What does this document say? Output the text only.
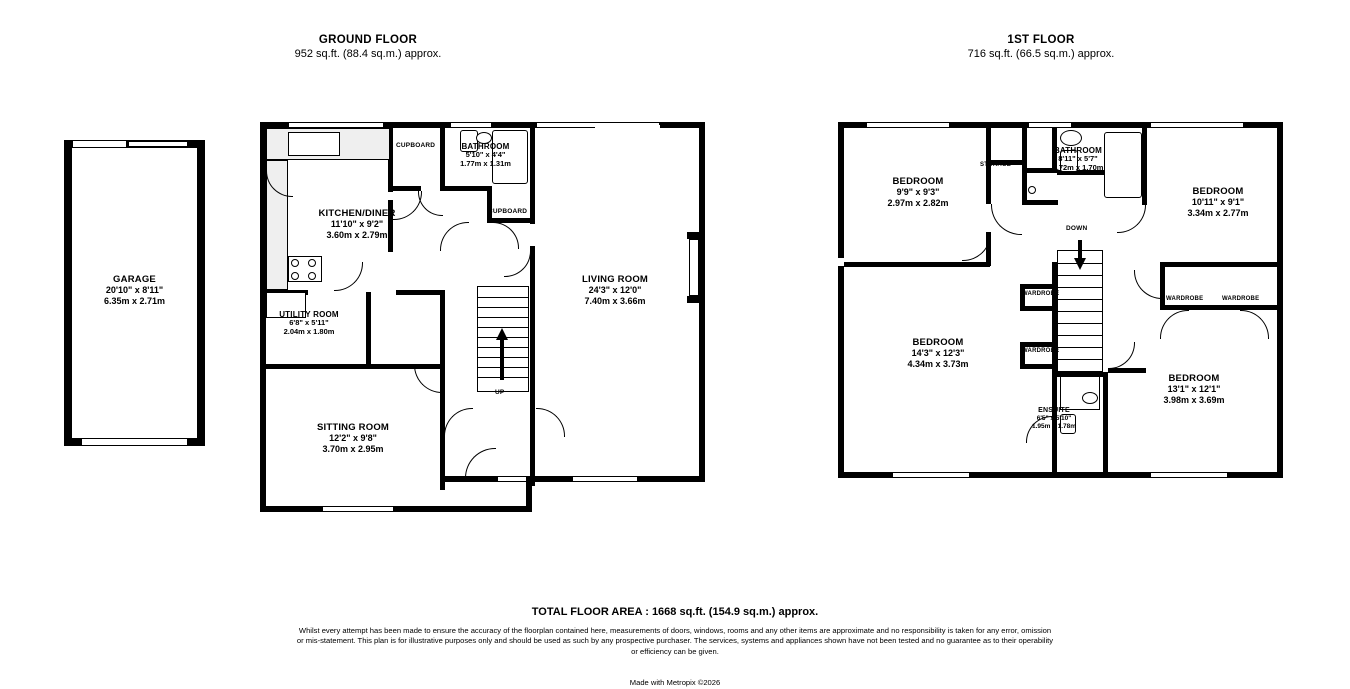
GROUND FLOOR
952 sq.ft. (88.4 sq.m.) approx.
1ST FLOOR
716 sq.ft. (66.5 sq.m.) approx.
GARAGE
20'10" x 8'11"
6.35m x 2.71m
UP
CUPBOARD
CUPBOARD
KITCHEN/DINER
11'10" x 9'2"
3.60m x 2.79m
BATHROOM
5'10" x 4'4"
1.77m x 1.31m
LIVING ROOM
24'3" x 12'0"
7.40m x 3.66m
UTILITY ROOM
6'8" x 5'11"
2.04m x 1.80m
SITTING ROOM
12'2" x 9'8"
3.70m x 2.95m
DOWN
STORAGE
WARDROBE
WARDROBE
WARDROBE	WARDROBE
BEDROOM
9'9" x 9'3"
2.97m x 2.82m
BATHROOM
8'11" x 5'7"
2.72m x 1.70m
BEDROOM
10'11" x 9'1"
3.34m x 2.77m
BEDROOM
14'3" x 12'3"
4.34m x 3.73m
BEDROOM
13'1" x 12'1"
3.98m x 3.69m
ENSUITE
6'5" x 5'10"
1.95m x 1.78m
TOTAL FLOOR AREA : 1668 sq.ft. (154.9 sq.m.) approx.
Whilst every attempt has been made to ensure the accuracy of the floorplan contained here, measurements of doors, windows, rooms and any other items are approximate and no responsibility is taken for any error, omission or mis-statement. This plan is for illustrative purposes only and should be used as such by any prospective purchaser. The services, systems and appliances shown have not been tested and no guarantee as to their operability or efficiency can be given.
Made with Metropix ©2026
